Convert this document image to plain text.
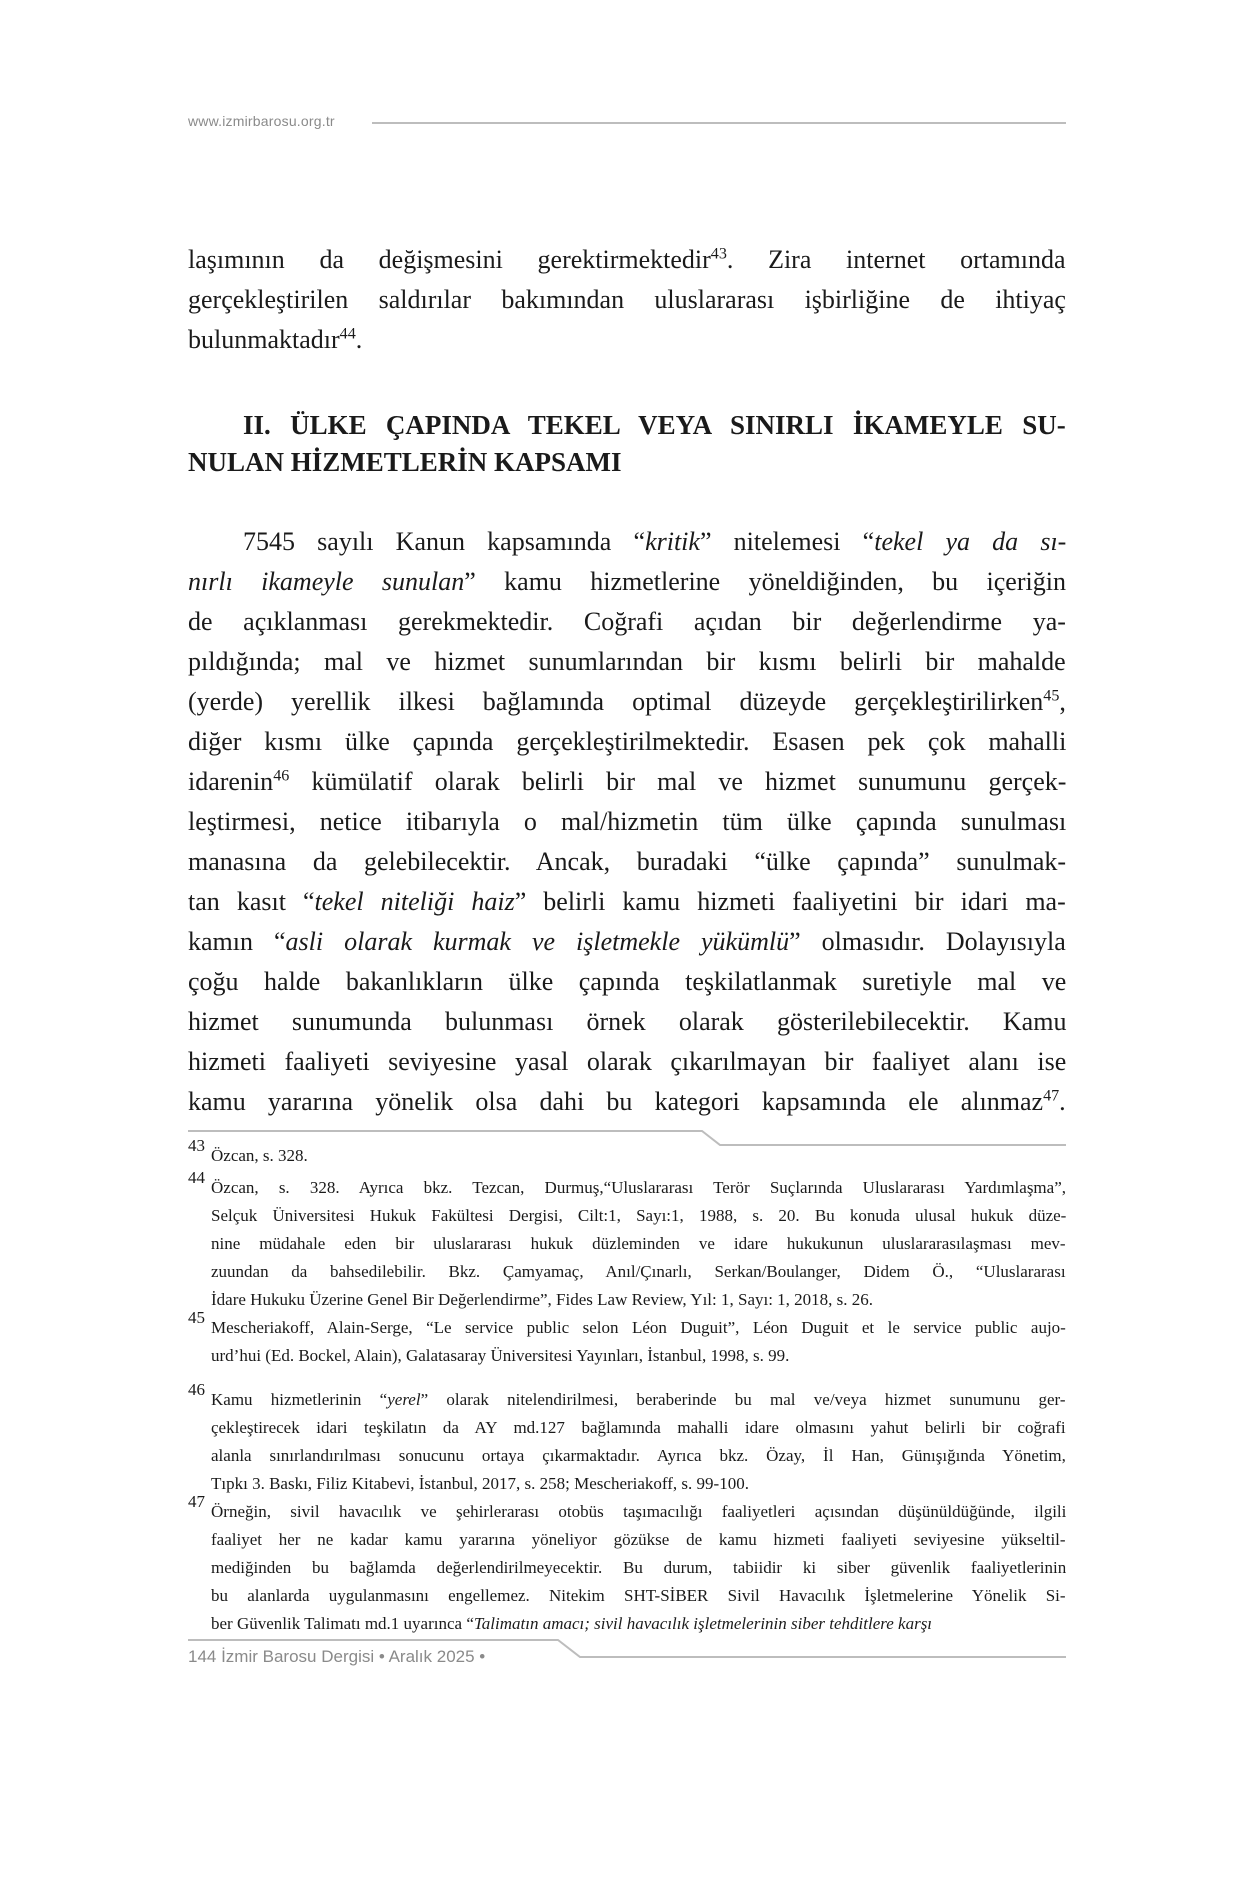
www.izmirbarosu.org.tr
laşımının da değişmesini gerektirmektedir$^{43}$. Zira internet ortamında
gerçekleştirilen saldırılar bakımından uluslararası işbirliğine de ihtiyaç
bulunmaktadır$^{44}$.
II. ÜLKE ÇAPINDA TEKEL VEYA SINIRLI İKAMEYLE SU-
NULAN HİZMETLERİN KAPSAMI
7545 sayılı Kanun kapsamında “kritik” nitelemesi “tekel ya da sı-
nırlı ikameyle sunulan” kamu hizmetlerine yöneldiğinden, bu içeriğin
de açıklanması gerekmektedir. Coğrafi açıdan bir değerlendirme ya-
pıldığında; mal ve hizmet sunumlarından bir kısmı belirli bir mahalde
(yerde) yerellik ilkesi bağlamında optimal düzeyde gerçekleştirilirken$^{45}$,
diğer kısmı ülke çapında gerçekleştirilmektedir. Esasen pek çok mahalli
idarenin$^{46}$ kümülatif olarak belirli bir mal ve hizmet sunumunu gerçek-
leştirmesi, netice itibarıyla o mal/hizmetin tüm ülke çapında sunulması
manasına da gelebilecektir. Ancak, buradaki “ülke çapında” sunulmak-
tan kasıt “tekel niteliği haiz” belirli kamu hizmeti faaliyetini bir idari ma-
kamın “asli olarak kurmak ve işletmekle yükümlü” olmasıdır. Dolayısıyla
çoğu halde bakanlıkların ülke çapında teşkilatlanmak suretiyle mal ve
hizmet sunumunda bulunması örnek olarak gösterilebilecektir. Kamu
hizmeti faaliyeti seviyesine yasal olarak çıkarılmayan bir faaliyet alanı ise
kamu yararına yönelik olsa dahi bu kategori kapsamında ele alınmaz$^{47}$.
43
Özcan, s. 328.
44
Özcan, s. 328. Ayrıca bkz. Tezcan, Durmuş,“Uluslararası Terör Suçlarında Uluslararası Yardımlaşma”,
Selçuk Üniversitesi Hukuk Fakültesi Dergisi, Cilt:1, Sayı:1, 1988, s. 20. Bu konuda ulusal hukuk düze-
nine müdahale eden bir uluslararası hukuk düzleminden ve idare hukukunun uluslararasılaşması mev-
zuundan da bahsedilebilir. Bkz. Çamyamaç, Anıl/Çınarlı, Serkan/Boulanger, Didem Ö., “Uluslararası
İdare Hukuku Üzerine Genel Bir Değerlendirme”, Fides Law Review, Yıl: 1, Sayı: 1, 2018, s. 26.
45
Mescheriakoff, Alain-Serge, “Le service public selon Léon Duguit”, Léon Duguit et le service public aujo-
urd’hui (Ed. Bockel, Alain), Galatasaray Üniversitesi Yayınları, İstanbul, 1998, s. 99.
46
Kamu hizmetlerinin “yerel” olarak nitelendirilmesi, beraberinde bu mal ve/veya hizmet sunumunu ger-
çekleştirecek idari teşkilatın da AY md.127 bağlamında mahalli idare olmasını yahut belirli bir coğrafi
alanla sınırlandırılması sonucunu ortaya çıkarmaktadır. Ayrıca bkz. Özay, İl Han, Günışığında Yönetim,
Tıpkı 3. Baskı, Filiz Kitabevi, İstanbul, 2017, s. 258; Mescheriakoff, s. 99-100.
47
Örneğin, sivil havacılık ve şehirlerarası otobüs taşımacılığı faaliyetleri açısından düşünüldüğünde, ilgili
faaliyet her ne kadar kamu yararına yöneliyor gözükse de kamu hizmeti faaliyeti seviyesine yükseltil-
mediğinden bu bağlamda değerlendirilmeyecektir. Bu durum, tabiidir ki siber güvenlik faaliyetlerinin
bu alanlarda uygulanmasını engellemez. Nitekim SHT-SİBER Sivil Havacılık İşletmelerine Yönelik Si-
ber Güvenlik Talimatı md.1 uyarınca “Talimatın amacı; sivil havacılık işletmelerinin siber tehditlere karşı
144 İzmir Barosu Dergisi • Aralık 2025 •
